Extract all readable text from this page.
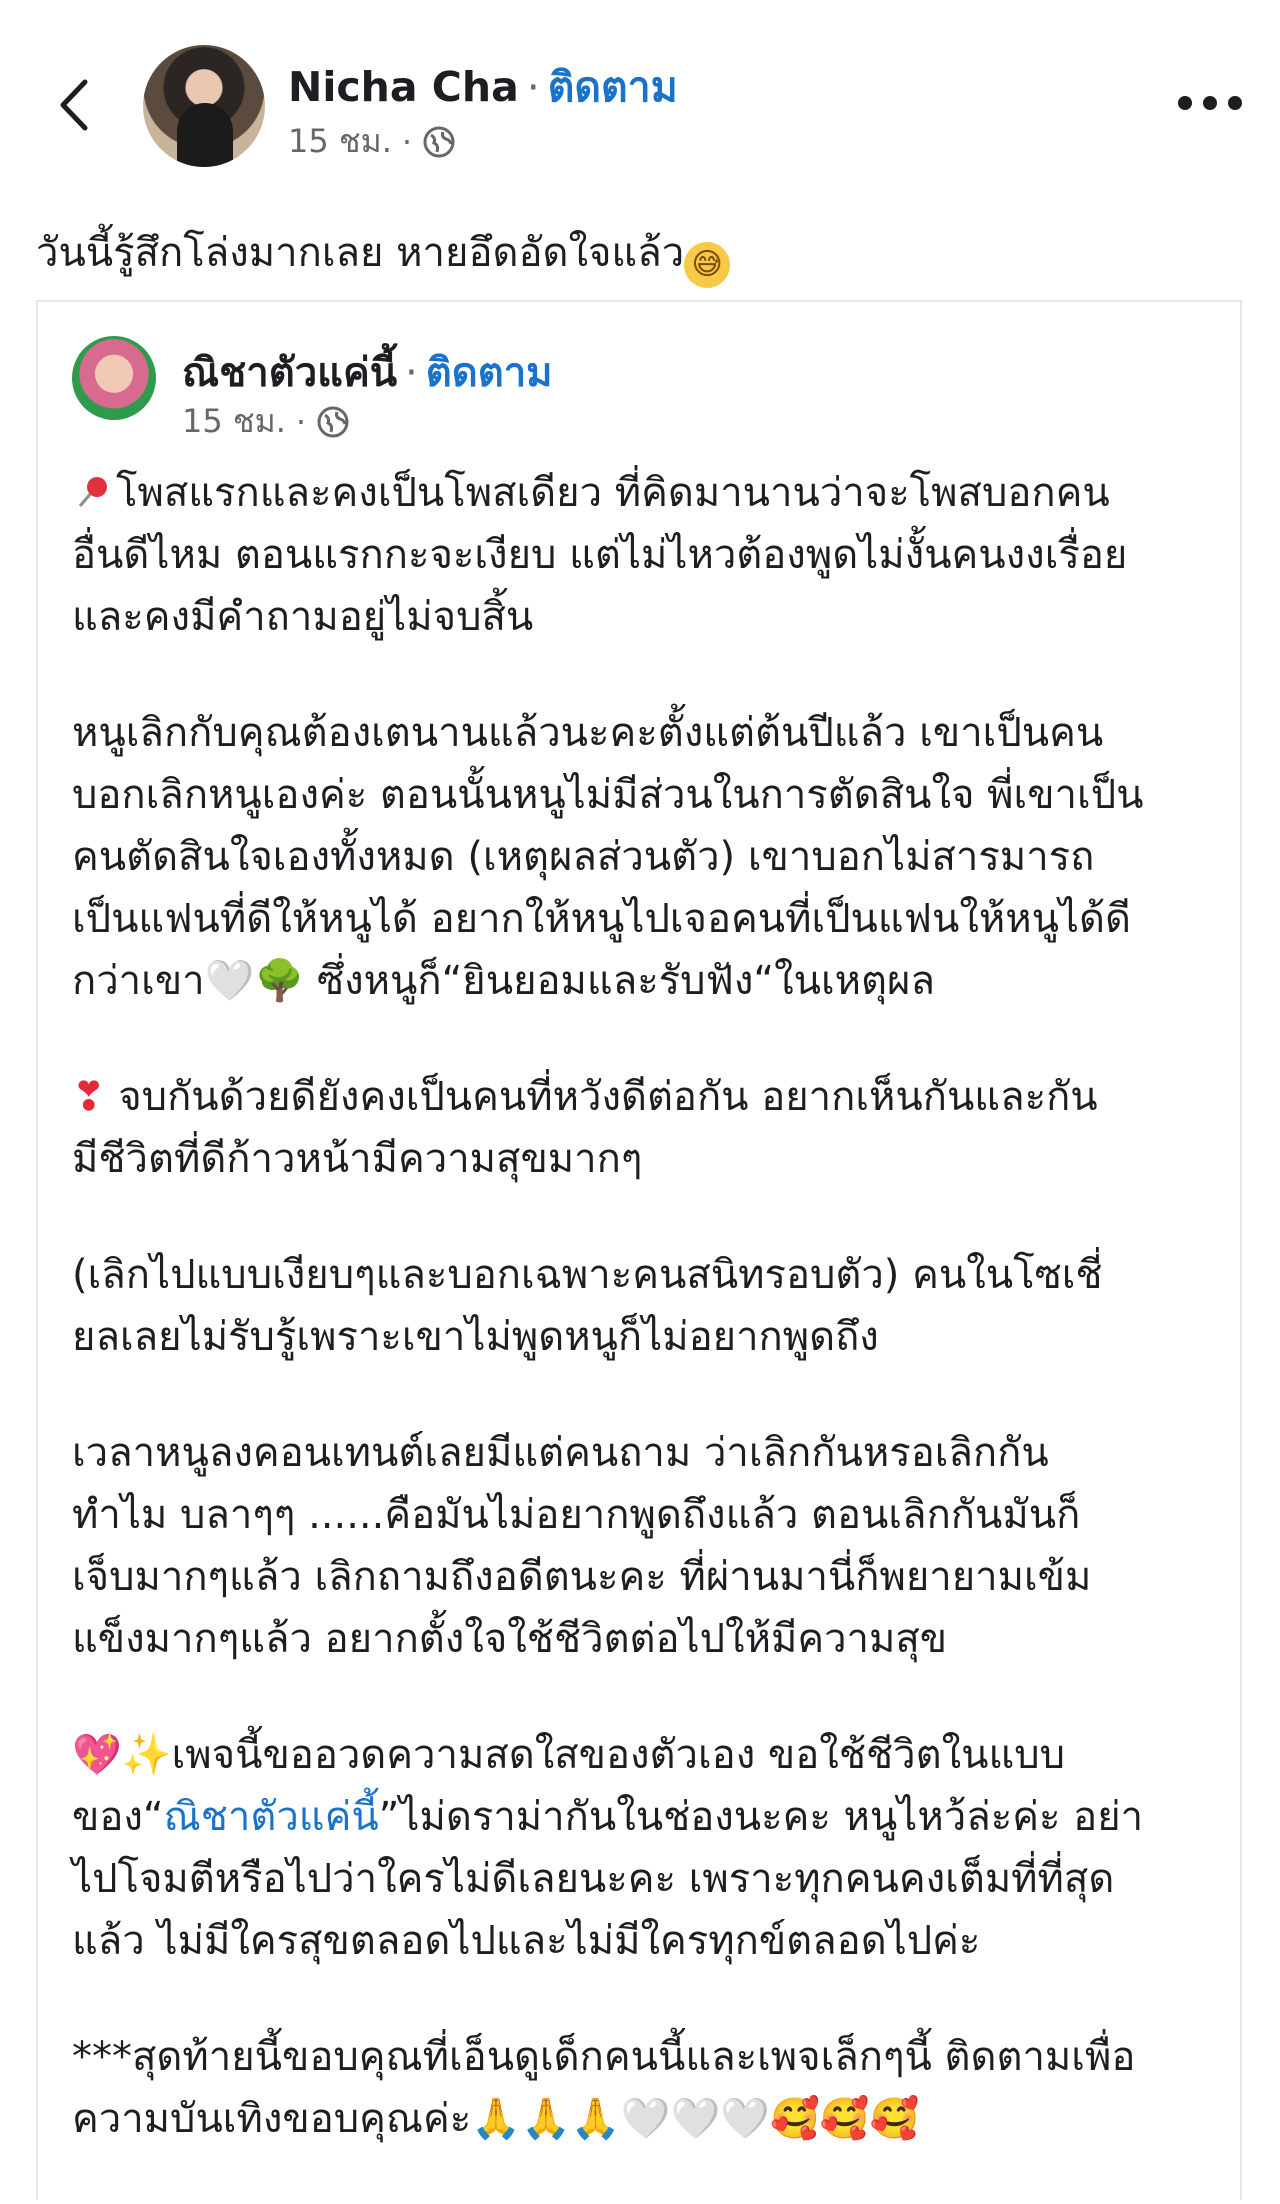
Nicha Cha · ติดตาม
15 ชม. ·
วันนี้รู้สึกโล่งมากเลย หายอึดอัดใจแล้ว 😅
ณิชาตัวแค่นี้ · ติดตาม
15 ชม. ·

โพสแรกและคงเป็นโพสเดียว ที่คิดมานานว่าจะโพสบอกคน
อื่นดีไหม ตอนแรกกะจะเงียบ แต่ไม่ไหวต้องพูดไม่งั้นคนงงเรื่อย
และคงมีคำถามอยู่ไม่จบสิ้น

หนูเลิกกับคุณต้องเตนานแล้วนะคะตั้งแต่ต้นปีแล้ว เขาเป็นคน
บอกเลิกหนูเองค่ะ ตอนนั้นหนูไม่มีส่วนในการตัดสินใจ พี่เขาเป็น
คนตัดสินใจเองทั้งหมด (เหตุผลส่วนตัว) เขาบอกไม่สารมารถ
เป็นแฟนที่ดีให้หนูได้ อยากให้หนูไปเจอคนที่เป็นแฟนให้หนูได้ดี
กว่าเขา🤍🌳 ซึ่งหนูก็“ยินยอมและรับฟัง“ในเหตุผล

❣ จบกันด้วยดียังคงเป็นคนที่หวังดีต่อกัน อยากเห็นกันและกัน
มีชีวิตที่ดีก้าวหน้ามีความสุขมากๆ

(เลิกไปแบบเงียบๆและบอกเฉพาะคนสนิทรอบตัว) คนในโซเชี่
ยลเลยไม่รับรู้เพราะเขาไม่พูดหนูก็ไม่อยากพูดถึง

เวลาหนูลงคอนเทนต์เลยมีแต่คนถาม ว่าเลิกกันหรอเลิกกัน
ทำไม บลาๆๆ ......คือมันไม่อยากพูดถึงแล้ว ตอนเลิกกันมันก็
เจ็บมากๆแล้ว เลิกถามถึงอดีตนะคะ ที่ผ่านมานี่ก็พยายามเข้ม
แข็งมากๆแล้ว อยากตั้งใจใช้ชีวิตต่อไปให้มีความสุข

💖✨เพจนี้ขออวดความสดใสของตัวเอง ขอใช้ชีวิตในแบบ
ของ“ณิชาตัวแค่นี้”ไม่ดราม่ากันในช่องนะคะ หนูไหว้ล่ะค่ะ อย่า
ไปโจมตีหรือไปว่าใครไม่ดีเลยนะคะ เพราะทุกคนคงเต็มที่ที่สุด
แล้ว ไม่มีใครสุขตลอดไปและไม่มีใครทุกข์ตลอดไปค่ะ

***สุดท้ายนี้ขอบคุณที่เอ็นดูเด็กคนนี้และเพจเล็กๆนี้ ติดตามเพื่อ
ความบันเทิงขอบคุณค่ะ🙏🙏🙏🤍🤍🤍🥰🥰🥰
